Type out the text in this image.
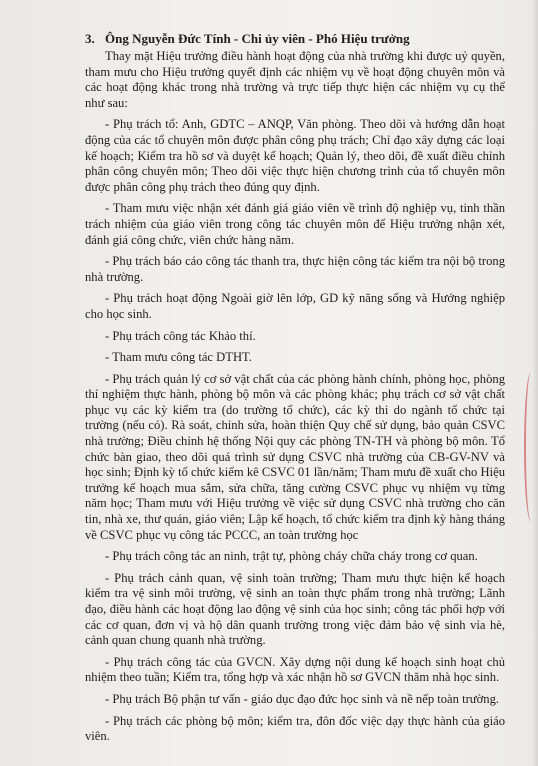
3. Ông Nguyễn Đức Tính - Chi ủy viên - Phó Hiệu trưởng

Thay mặt Hiệu trưởng điều hành hoạt động của nhà trường khi được uỷ quyền, tham mưu cho Hiệu trưởng quyết định các nhiệm vụ về hoạt động chuyên môn và các hoạt động khác trong nhà trường và trực tiếp thực hiện các nhiệm vụ cụ thể như sau:

- Phụ trách tổ: Anh, GDTC – ANQP, Văn phòng. Theo dõi và hướng dẫn hoạt động của các tổ chuyên môn được phân công phụ trách; Chỉ đạo xây dựng các loại kế hoạch; Kiểm tra hồ sơ và duyệt kế hoạch; Quản lý, theo dõi, đề xuất điều chỉnh phân công chuyên môn; Theo dõi việc thực hiện chương trình của tổ chuyên môn được phân công phụ trách theo đúng quy định.

- Tham mưu việc nhận xét đánh giá giáo viên về trình độ nghiệp vụ, tinh thần trách nhiệm của giáo viên trong công tác chuyên môn để Hiệu trưởng nhận xét, đánh giá công chức, viên chức hàng năm.

- Phụ trách báo cáo công tác thanh tra, thực hiện công tác kiểm tra nội bộ trong nhà trường.

- Phụ trách hoạt động Ngoài giờ lên lớp, GD kỹ năng sống và Hướng nghiệp cho học sinh.

- Phụ trách công tác Khảo thí.

- Tham mưu công tác DTHT.

- Phụ trách quản lý cơ sở vật chất của các phòng hành chính, phòng học, phòng thí nghiệm thực hành, phòng bộ môn và các phòng khác; phụ trách cơ sở vật chất phục vụ các kỳ kiểm tra (do trường tổ chức), các kỳ thi do ngành tổ chức tại trường (nếu có). Rà soát, chỉnh sửa, hoàn thiện Quy chế sử dụng, bảo quản CSVC nhà trường; Điều chỉnh hệ thống Nội quy các phòng TN-TH và phòng bộ môn. Tổ chức bàn giao, theo dõi quá trình sử dụng CSVC nhà trường của CB-GV-NV và học sinh; Định kỳ tổ chức kiểm kê CSVC 01 lần/năm; Tham mưu đề xuất cho Hiệu trưởng kế hoạch mua sắm, sửa chữa, tăng cường CSVC phục vụ nhiệm vụ từng năm học; Tham mưu với Hiệu trưởng về việc sử dụng CSVC nhà trường cho căn tin, nhà xe, thư quán, giáo viên; Lập kế hoạch, tổ chức kiểm tra định kỳ hàng tháng về CSVC phục vụ công tác PCCC, an toàn trường học

- Phụ trách công tác an ninh, trật tự, phòng cháy chữa cháy trong cơ quan.

- Phụ trách cảnh quan, vệ sinh toàn trường; Tham mưu thực hiện kế hoạch kiểm tra vệ sinh môi trường, vệ sinh an toàn thực phẩm trong nhà trường; Lãnh đạo, điều hành các hoạt động lao động vệ sinh của học sinh; công tác phối hợp với các cơ quan, đơn vị và hộ dân quanh trường trong việc đảm bảo vệ sinh vỉa hè, cảnh quan chung quanh nhà trường.

- Phụ trách công tác của GVCN. Xây dựng nội dung kế hoạch sinh hoạt chủ nhiệm theo tuần; Kiểm tra, tổng hợp và xác nhận hồ sơ GVCN thăm nhà học sinh.

- Phụ trách Bộ phận tư vấn - giáo dục đạo đức học sinh và nề nếp toàn trường.

- Phụ trách các phòng bộ môn; kiểm tra, đôn đốc việc dạy thực hành của giáo viên.
